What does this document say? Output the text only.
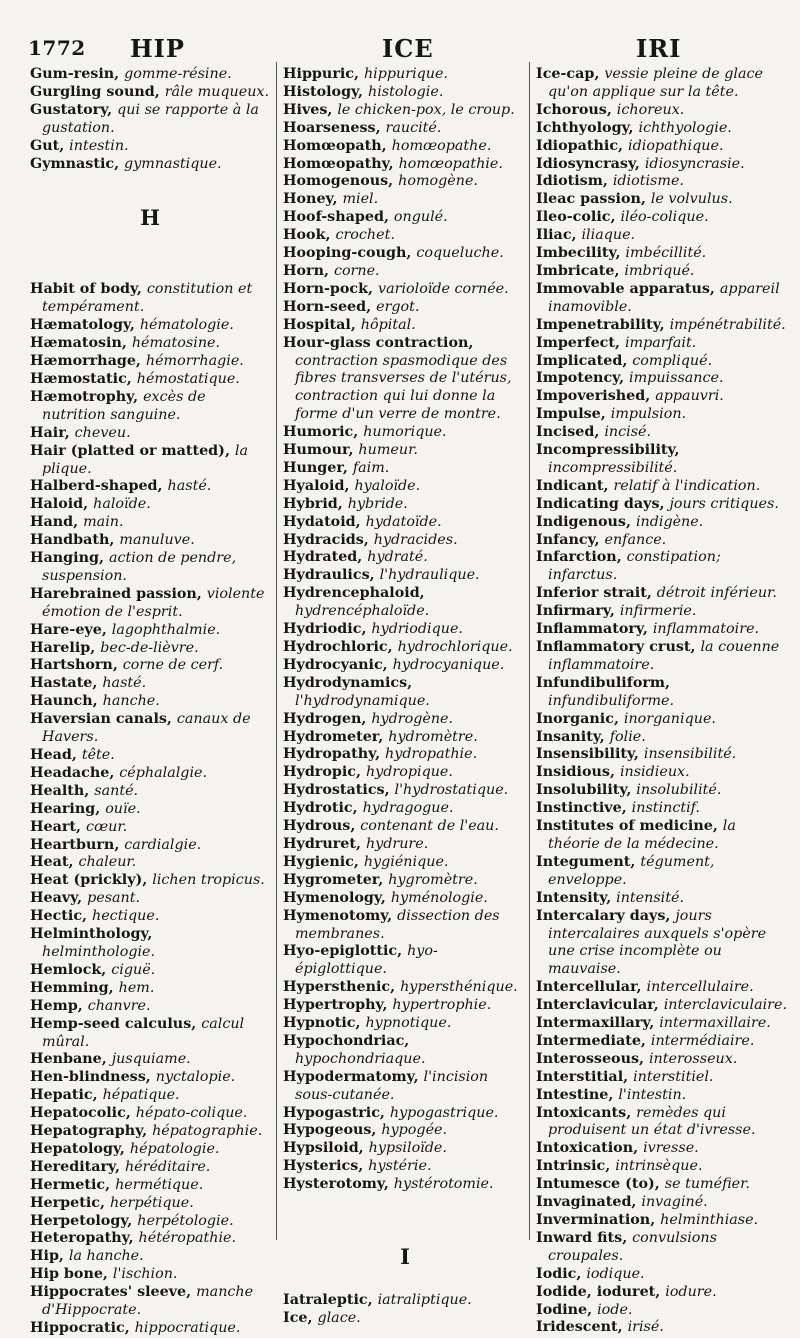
1772 HIP	ICE	IRI
Gum-resin, gomme-résine.
Gurgling sound, râle muqueux.
Gustatory, qui se rapporte à la gustation.
Gut, intestin.
Gymnastic, gymnastique.
H
Habit of body, constitution et tempérament.
Hæmatology, hématologie.
Hæmatosin, hématosine.
Hæmorrhage, hémorrhagie.
Hæmostatic, hémostatique.
Hæmotrophy, excès de nutrition sanguine.
Hair, cheveu.
Hair (platted or matted), la plique.
Halberd-shaped, hasté.
Haloid, haloïde.
Hand, main.
Handbath, manuluve.
Hanging, action de pendre, suspension.
Harebrained passion, violente émotion de l'esprit.
Hare-eye, lagophthalmie.
Harelip, bec-de-lièvre.
Hartshorn, corne de cerf.
Hastate, hasté.
Haunch, hanche.
Haversian canals, canaux de Havers.
Head, tête.
Headache, céphalalgie.
Health, santé.
Hearing, ouïe.
Heart, cœur.
Heartburn, cardialgie.
Heat, chaleur.
Heat (prickly), lichen tropicus.
Heavy, pesant.
Hectic, hectique.
Helminthology, helminthologie.
Hemlock, ciguë.
Hemming, hem.
Hemp, chanvre.
Hemp-seed calculus, calcul mûral.
Henbane, jusquiame.
Hen-blindness, nyctalopie.
Hepatic, hépatique.
Hepatocolic, hépato-colique.
Hepatography, hépatographie.
Hepatology, hépatologie.
Hereditary, héréditaire.
Hermetic, hermétique.
Herpetic, herpétique.
Herpetology, herpétologie.
Heteropathy, hétéropathie.
Hip, la hanche.
Hip bone, l'ischion.
Hippocrates' sleeve, manche d'Hippocrate.
Hippocratic, hippocratique.
Hippuric, hippurique.
Histology, histologie.
Hives, le chicken-pox, le croup.
Hoarseness, raucité.
Homœopath, homœopathe.
Homœopathy, homœopathie.
Homogenous, homogène.
Honey, miel.
Hoof-shaped, ongulé.
Hook, crochet.
Hooping-cough, coqueluche.
Horn, corne.
Horn-pock, varioloïde cornée.
Horn-seed, ergot.
Hospital, hôpital.
Hour-glass contraction, contraction spasmodique des fibres transverses de l'utérus, contraction qui lui donne la forme d'un verre de montre.
Humoric, humorique.
Humour, humeur.
Hunger, faim.
Hyaloid, hyaloïde.
Hybrid, hybride.
Hydatoid, hydatoïde.
Hydracids, hydracides.
Hydrated, hydraté.
Hydraulics, l'hydraulique.
Hydrencephaloid, hydrencéphaloïde.
Hydriodic, hydriodique.
Hydrochloric, hydrochlorique.
Hydrocyanic, hydrocyanique.
Hydrodynamics, l'hydrodynamique.
Hydrogen, hydrogène.
Hydrometer, hydromètre.
Hydropathy, hydropathie.
Hydropic, hydropique.
Hydrostatics, l'hydrostatique.
Hydrotic, hydragogue.
Hydrous, contenant de l'eau.
Hydruret, hydrure.
Hygienic, hygiénique.
Hygrometer, hygromètre.
Hymenology, hyménologie.
Hymenotomy, dissection des membranes.
Hyo-epiglottic, hyo-épiglottique.
Hypersthenic, hypersthénique.
Hypertrophy, hypertrophie.
Hypnotic, hypnotique.
Hypochondriac, hypochondriaque.
Hypodermatomy, l'incision sous-cutanée.
Hypogastric, hypogastrique.
Hypogeous, hypogée.
Hypsiloid, hypsiloïde.
Hysterics, hystérie.
Hysterotomy, hystérotomie.
I
Iatraleptic, iatraliptique.
Ice, glace.
Ice-cap, vessie pleine de glace qu'on applique sur la tête.
Ichorous, ichoreux.
Ichthyology, ichthyologie.
Idiopathic, idiopathique.
Idiosyncrasy, idiosyncrasie.
Idiotism, idiotisme.
Ileac passion, le volvulus.
Ileo-colic, iléo-colique.
Iliac, iliaque.
Imbecility, imbécillité.
Imbricate, imbriqué.
Immovable apparatus, appareil inamovible.
Impenetrability, impénétrabilité.
Imperfect, imparfait.
Implicated, compliqué.
Impotency, impuissance.
Impoverished, appauvri.
Impulse, impulsion.
Incised, incisé.
Incompressibility, incompressibilité.
Indicant, relatif à l'indication.
Indicating days, jours critiques.
Indigenous, indigène.
Infancy, enfance.
Infarction, constipation; infarctus.
Inferior strait, détroit inférieur.
Infirmary, infirmerie.
Inflammatory, inflammatoire.
Inflammatory crust, la couenne inflammatoire.
Infundibuliform, infundibuliforme.
Inorganic, inorganique.
Insanity, folie.
Insensibility, insensibilité.
Insidious, insidieux.
Insolubility, insolubilité.
Instinctive, instinctif.
Institutes of medicine, la théorie de la médecine.
Integument, tégument, enveloppe.
Intensity, intensité.
Intercalary days, jours intercalaires auxquels s'opère une crise incomplète ou mauvaise.
Intercellular, intercellulaire.
Interclavicular, interclaviculaire.
Intermaxillary, intermaxillaire.
Intermediate, intermédiaire.
Interosseous, interosseux.
Interstitial, interstitiel.
Intestine, l'intestin.
Intoxicants, remèdes qui produisent un état d'ivresse.
Intoxication, ivresse.
Intrinsic, intrinsèque.
Intumesce (to), se tuméfier.
Invaginated, invaginé.
Invermination, helminthiase.
Inward fits, convulsions croupales.
Iodic, iodique.
Iodide, ioduret, iodure.
Iodine, iode.
Iridescent, irisé.
